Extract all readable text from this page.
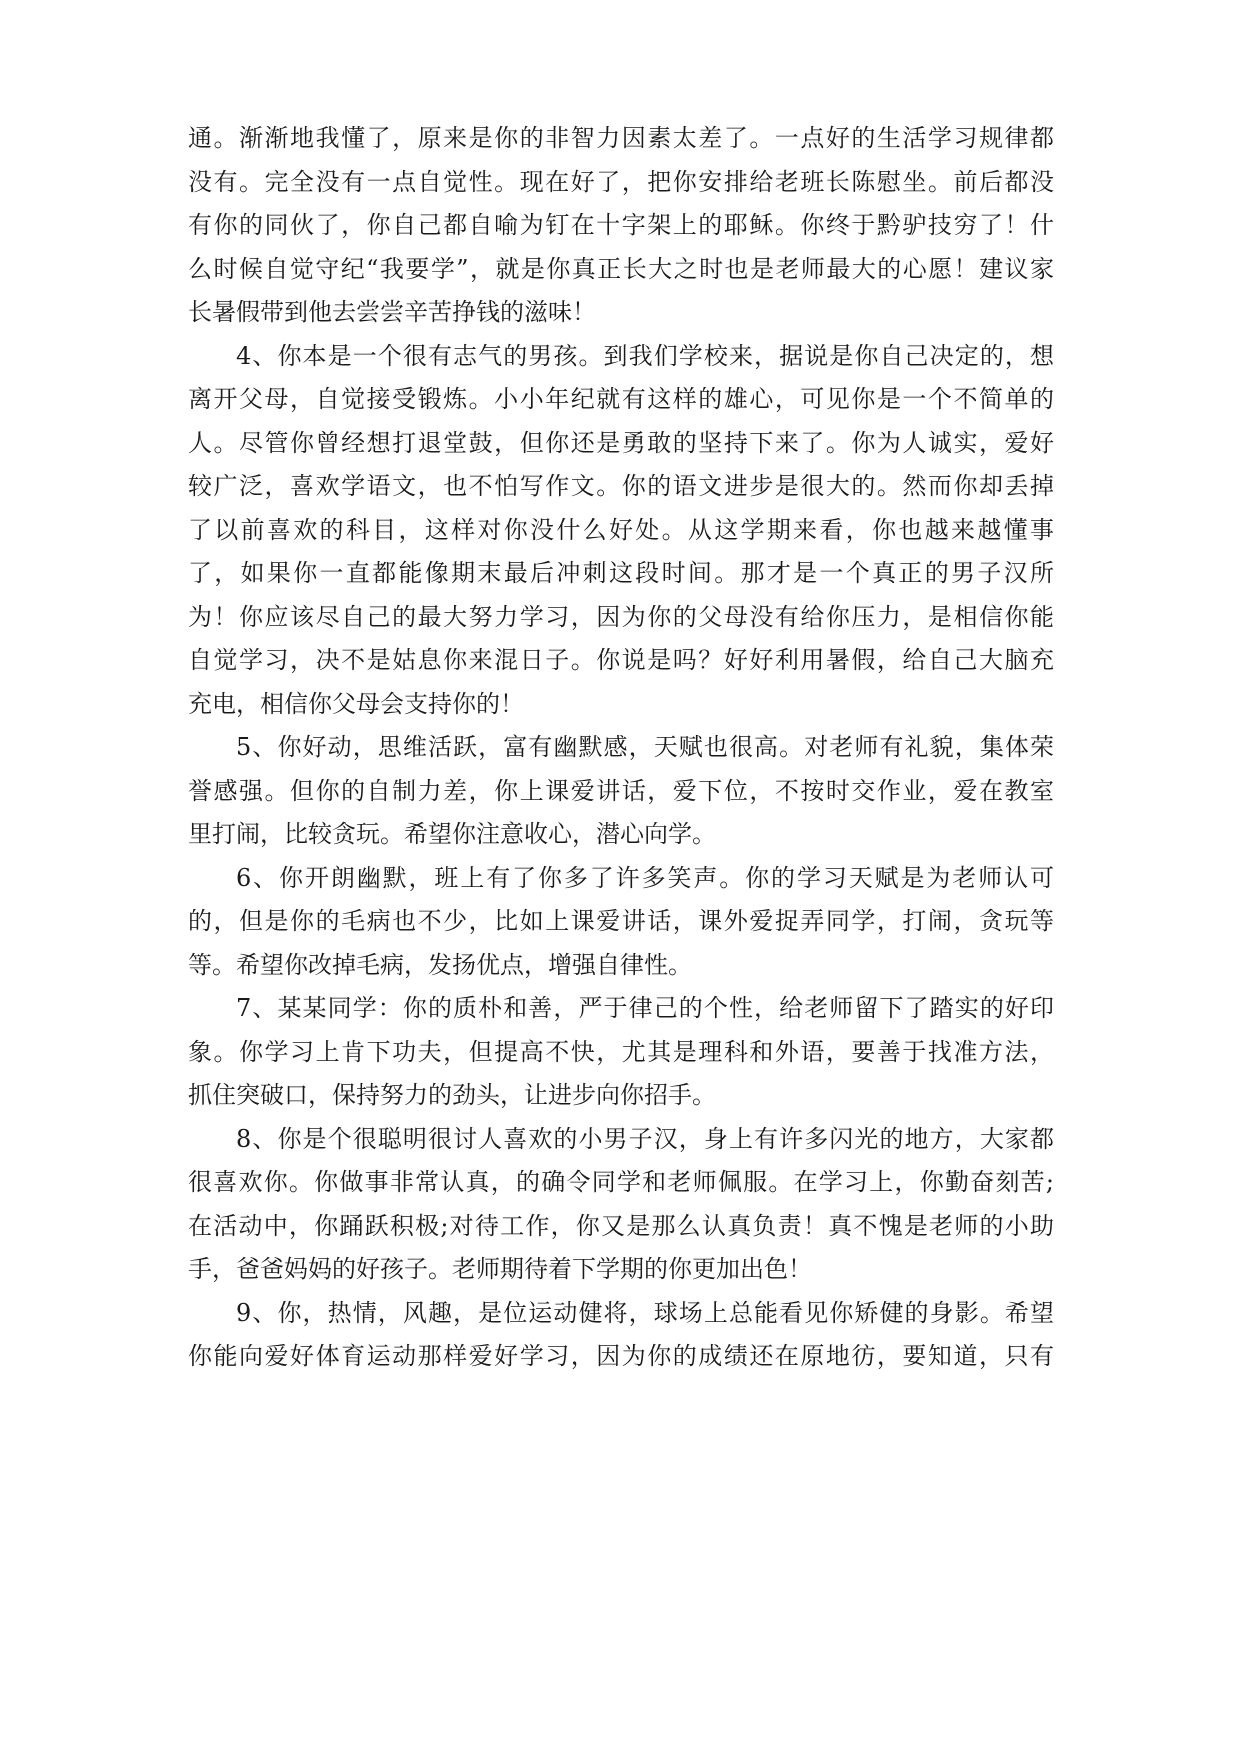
通。渐渐地我懂了，原来是你的非智力因素太差了。一点好的生活学习规律都
没有。完全没有一点自觉性。现在好了，把你安排给老班长陈慰坐。前后都没
有你的同伙了，你自己都自喻为钉在十字架上的耶稣。你终于黔驴技穷了！什
么时候自觉守纪“我要学”，就是你真正长大之时也是老师最大的心愿！建议家
长暑假带到他去尝尝辛苦挣钱的滋味！
4、你本是一个很有志气的男孩。到我们学校来，据说是你自己决定的，想
离开父母，自觉接受锻炼。小小年纪就有这样的雄心，可见你是一个不简单的
人。尽管你曾经想打退堂鼓，但你还是勇敢的坚持下来了。你为人诚实，爱好
较广泛，喜欢学语文，也不怕写作文。你的语文进步是很大的。然而你却丢掉
了以前喜欢的科目，这样对你没什么好处。从这学期来看，你也越来越懂事
了，如果你一直都能像期末最后冲刺这段时间。那才是一个真正的男子汉所
为！你应该尽自己的最大努力学习，因为你的父母没有给你压力，是相信你能
自觉学习，决不是姑息你来混日子。你说是吗？好好利用暑假，给自己大脑充
充电，相信你父母会支持你的！
5、你好动，思维活跃，富有幽默感，天赋也很高。对老师有礼貌，集体荣
誉感强。但你的自制力差，你上课爱讲话，爱下位，不按时交作业，爱在教室
里打闹，比较贪玩。希望你注意收心，潜心向学。
6、你开朗幽默，班上有了你多了许多笑声。你的学习天赋是为老师认可
的，但是你的毛病也不少，比如上课爱讲话，课外爱捉弄同学，打闹，贪玩等
等。希望你改掉毛病，发扬优点，增强自律性。
7、某某同学：你的质朴和善，严于律己的个性，给老师留下了踏实的好印
象。你学习上肯下功夫，但提高不快，尤其是理科和外语，要善于找准方法，
抓住突破口，保持努力的劲头，让进步向你招手。
8、你是个很聪明很讨人喜欢的小男子汉，身上有许多闪光的地方，大家都
很喜欢你。你做事非常认真，的确令同学和老师佩服。在学习上，你勤奋刻苦;
在活动中，你踊跃积极;对待工作，你又是那么认真负责！真不愧是老师的小助
手，爸爸妈妈的好孩子。老师期待着下学期的你更加出色！
9、你，热情，风趣，是位运动健将，球场上总能看见你矫健的身影。希望
你能向爱好体育运动那样爱好学习，因为你的成绩还在原地彷，要知道，只有
